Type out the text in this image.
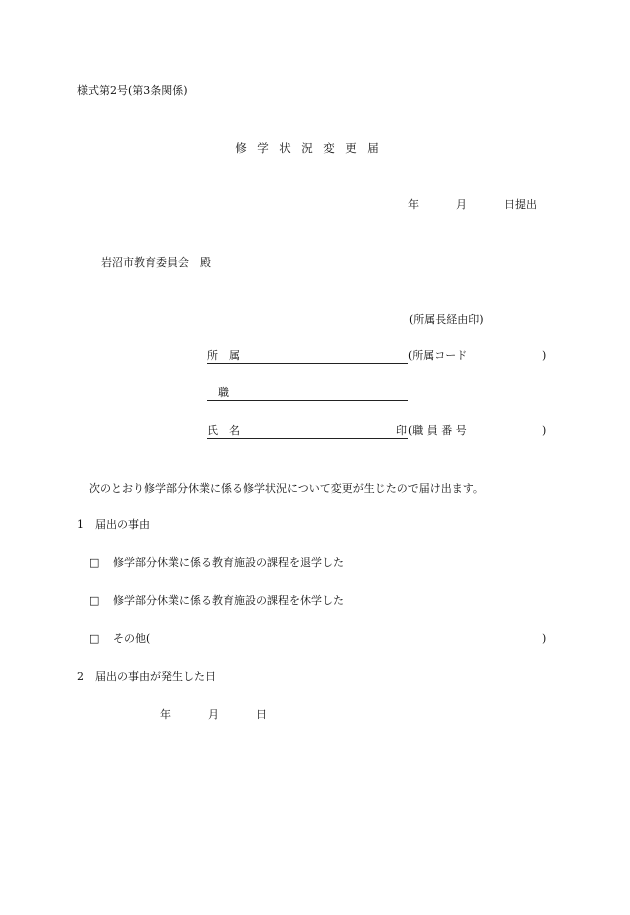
様式第2号(第3条関係)
修 学 状 況 変 更 届
年	月	日提出
岩沼市教育委員会　殿
(所属長経由印)
所　属	(所属コード	)
　職
氏　名	印 (職 員 番 号	)
次のとおり修学部分休業に係る修学状況について変更が生じたので届け出ます。
1　届出の事由
□ 修学部分休業に係る教育施設の課程を退学した
□ 修学部分休業に係る教育施設の課程を休学した
□ その他(	)
2　届出の事由が発生した日
年	月	日
